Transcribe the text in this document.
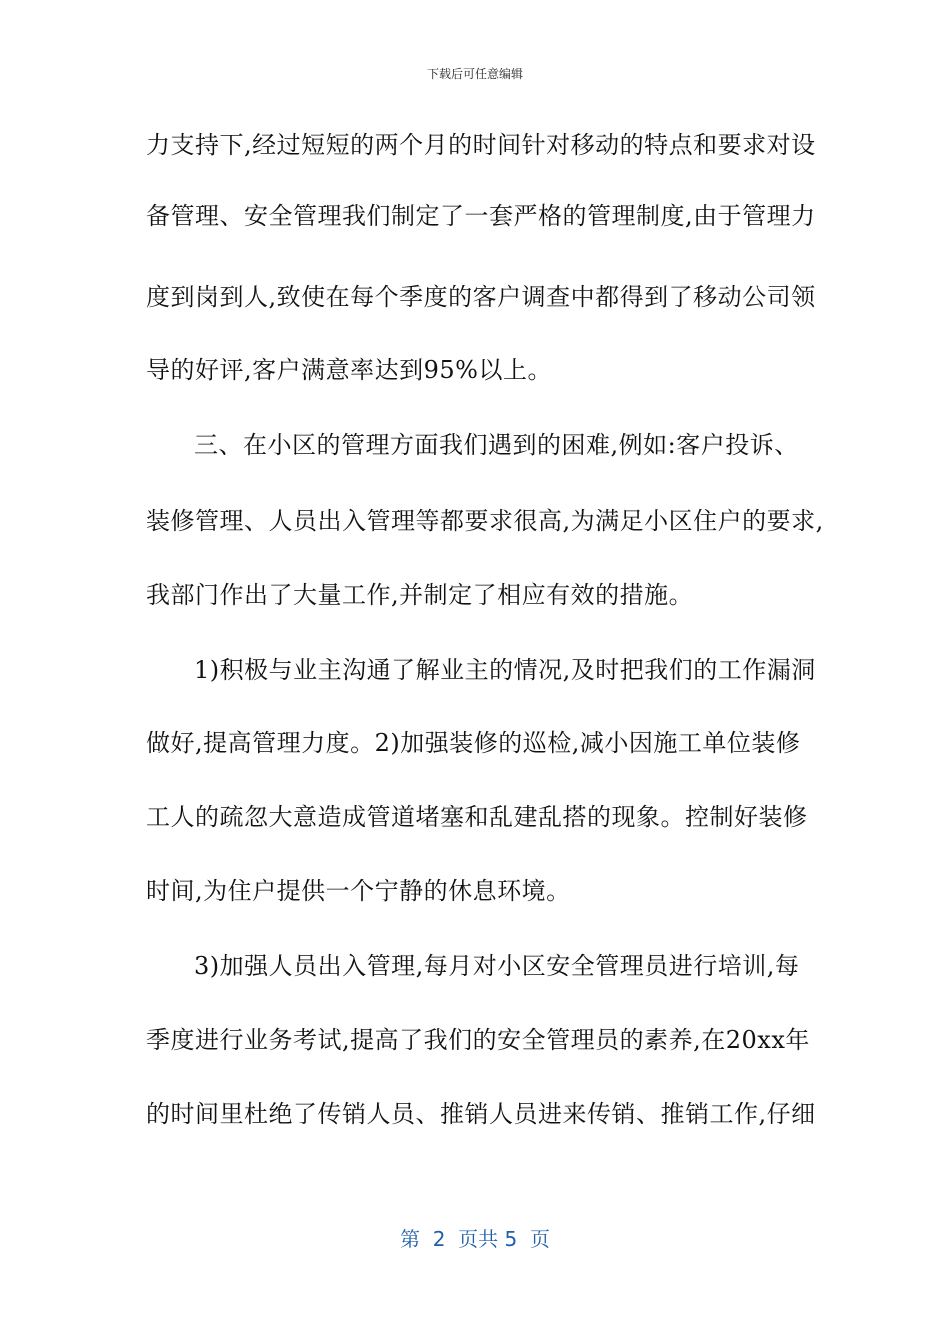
下载后可任意编辑
力支持下,经过短短的两个月的时间针对移动的特点和要求对设
备管理、安全管理我们制定了一套严格的管理制度,由于管理力
度到岗到人,致使在每个季度的客户调查中都得到了移动公司领
导的好评,客户满意率达到95%以上。
三、在小区的管理方面我们遇到的困难,例如:客户投诉、
装修管理、人员出入管理等都要求很高,为满足小区住户的要求,
我部门作出了大量工作,并制定了相应有效的措施。
1)积极与业主沟通了解业主的情况,及时把我们的工作漏洞
做好,提高管理力度。2)加强装修的巡检,减小因施工单位装修
工人的疏忽大意造成管道堵塞和乱建乱搭的现象。控制好装修
时间,为住户提供一个宁静的休息环境。
3)加强人员出入管理,每月对小区安全管理员进行培训,每
季度进行业务考试,提高了我们的安全管理员的素养,在20xx年
的时间里杜绝了传销人员、推销人员进来传销、推销工作,仔细
第  2  页共 5  页
